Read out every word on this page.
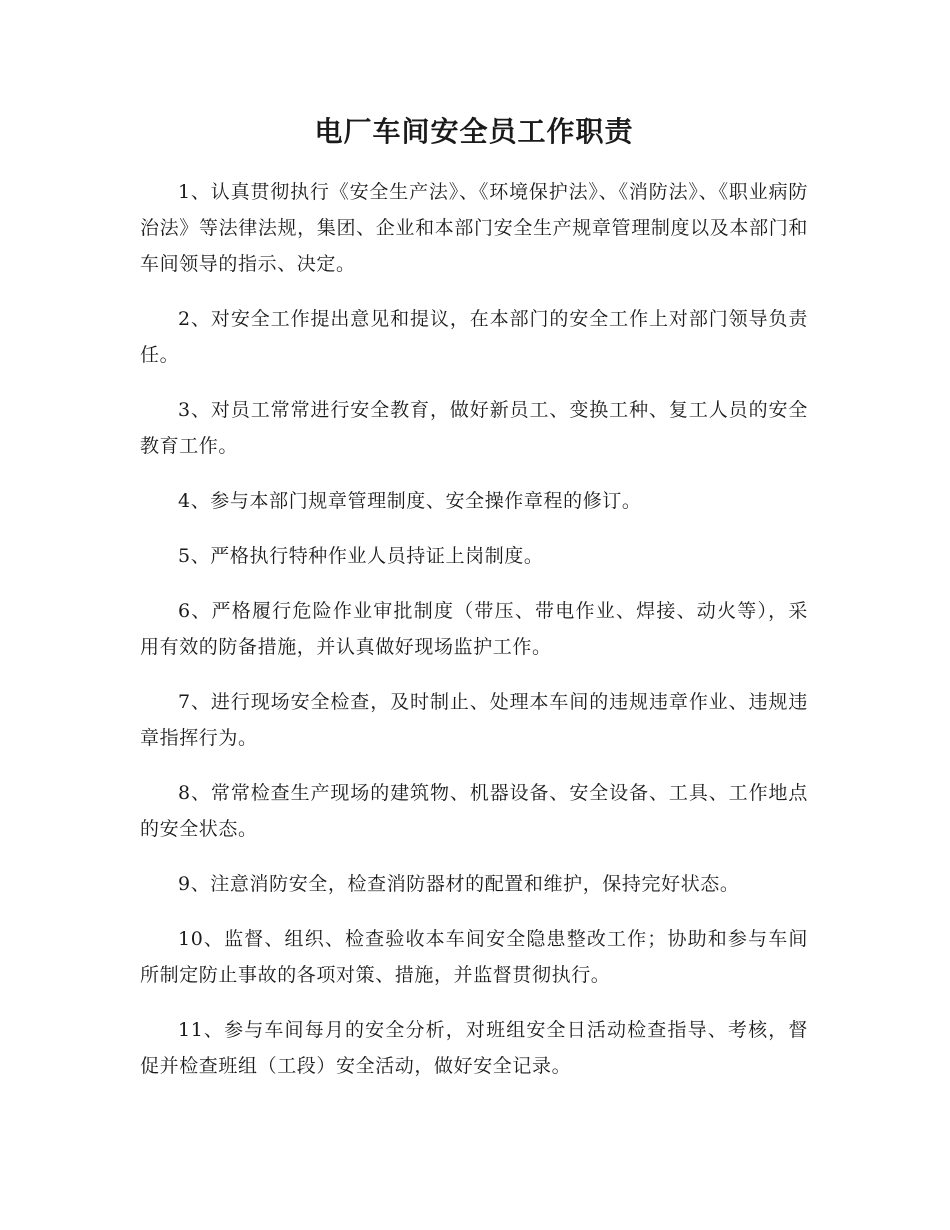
电厂车间安全员工作职责

1、认真贯彻执行《安全生产法》、《环境保护法》、《消防法》、《职业病防治法》等法律法规，集团、企业和本部门安全生产规章管理制度以及本部门和车间领导的指示、决定。

2、对安全工作提出意见和提议，在本部门的安全工作上对部门领导负责任。

3、对员工常常进行安全教育，做好新员工、变换工种、复工人员的安全教育工作。

4、参与本部门规章管理制度、安全操作章程的修订。

5、严格执行特种作业人员持证上岗制度。

6、严格履行危险作业审批制度（带压、带电作业、焊接、动火等），采用有效的防备措施，并认真做好现场监护工作。

7、进行现场安全检查，及时制止、处理本车间的违规违章作业、违规违章指挥行为。

8、常常检查生产现场的建筑物、机器设备、安全设备、工具、工作地点的安全状态。

9、注意消防安全，检查消防器材的配置和维护，保持完好状态。

10、监督、组织、检查验收本车间安全隐患整改工作；协助和参与车间所制定防止事故的各项对策、措施，并监督贯彻执行。

11、参与车间每月的安全分析，对班组安全日活动检查指导、考核，督促并检查班组（工段）安全活动，做好安全记录。
